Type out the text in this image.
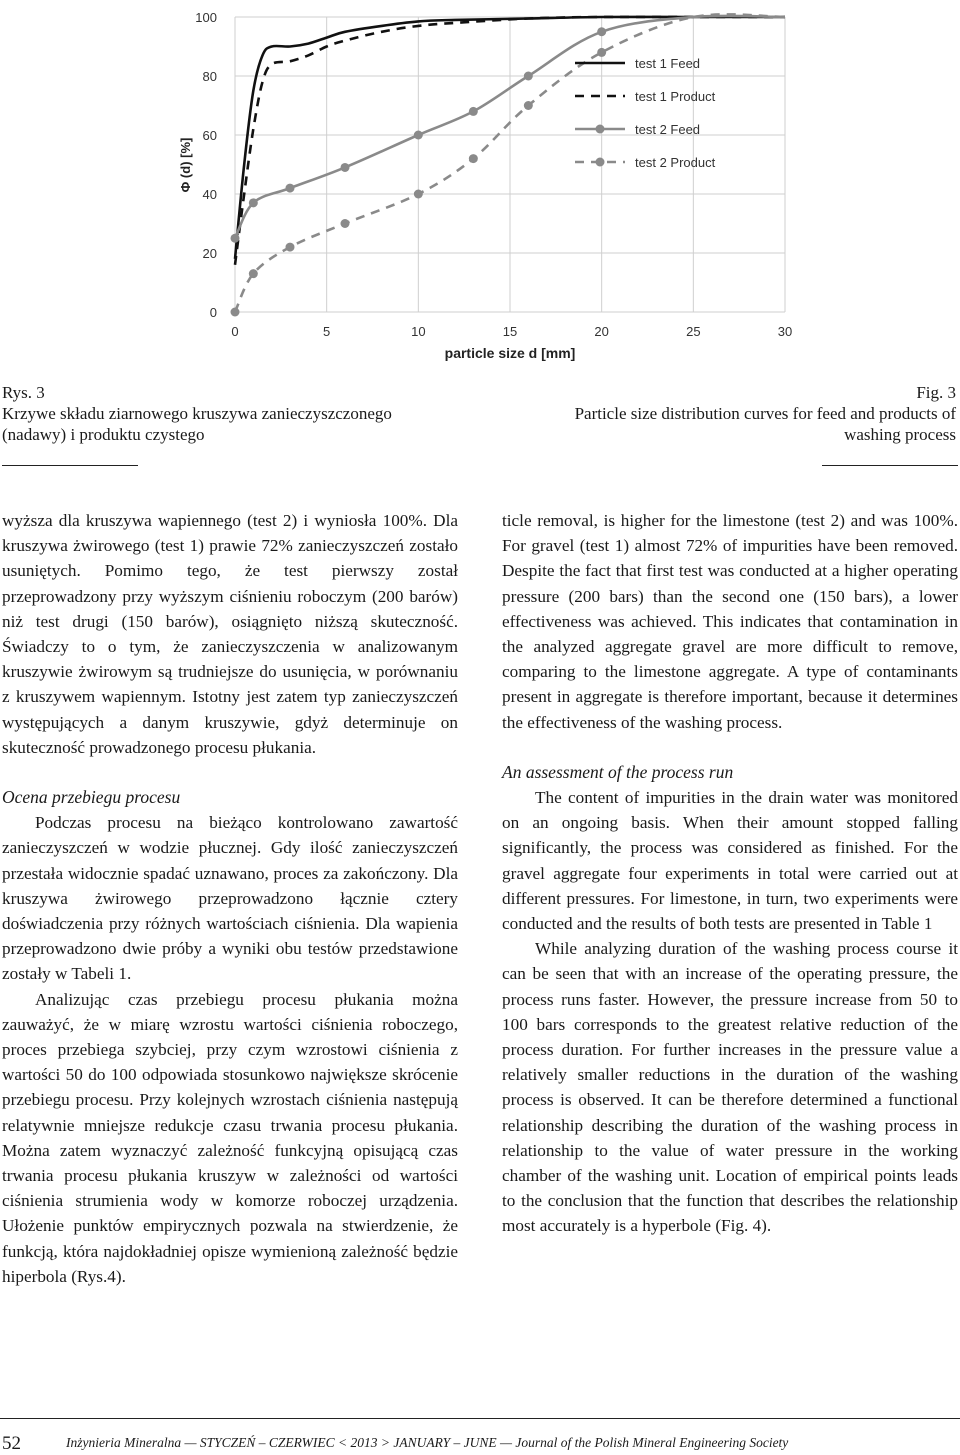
0
20
40
60
80
100
0	5	10	15	20	25	30
test 1 Feed
test 1 Product
test 2 Feed
test 2 Product
Φ (d) [%]
particle size d [mm]
Rys. 3
Krzywe składu ziarnowego kruszywa zanieczyszczonego
(nadawy) i produktu czystego
Fig. 3
Particle size distribution curves for feed and products of
washing process

wyższa dla kruszywa wapiennego (test 2) i wyniosła 100%. Dla kruszywa żwirowego (test 1) prawie 72% zanieczyszczeń zostało usuniętych. Pomimo tego, że test pierwszy został przeprowadzony przy wyższym ciśnieniu roboczym (200 barów) niż test drugi (150 barów), osiągnięto niższą skuteczność. Świadczy to o tym, że zanieczyszczenia w analizowanym kruszywie żwirowym są trudniejsze do usunięcia, w porównaniu z kruszywem wapiennym. Istotny jest zatem typ zanieczyszczeń występujących a danym kruszywie, gdyż determinuje on skuteczność prowadzonego procesu płukania.

Ocena przebiegu procesu

Podczas procesu na bieżąco kontrolowano zawartość zanieczyszczeń w wodzie płucznej. Gdy ilość zanieczyszczeń przestała widocznie spadać uznawano, proces za zakończony. Dla kruszywa żwirowego przeprowadzono łącznie cztery doświadczenia przy różnych wartościach ciśnienia. Dla wapienia przeprowadzono dwie próby a wyniki obu testów przedstawione zostały w Tabeli 1.

Analizując czas przebiegu procesu płukania można zauważyć, że w miarę wzrostu wartości ciśnienia roboczego, proces przebiega szybciej, przy czym wzrostowi ciśnienia z wartości 50 do 100 odpowiada stosunkowo największe skrócenie przebiegu procesu. Przy kolejnych wzrostach ciśnienia następują relatywnie mniejsze redukcje czasu trwania procesu płukania. Można zatem wyznaczyć zależność funkcyjną opisującą czas trwania procesu płukania kruszyw w zależności od wartości ciśnienia strumienia wody w komorze roboczej urządzenia. Ułożenie punktów empirycznych pozwala na stwierdzenie, że funkcją, która najdokładniej opisze wymienioną zależność będzie hiperbola (Rys.4).

ticle removal, is higher for the limestone (test 2) and was 100%. For gravel (test 1) almost 72% of impurities have been removed. Despite the fact that first test was conducted at a higher operating pressure (200 bars) than the second one (150 bars), a lower effectiveness was achieved. This indicates that contamination in the analyzed aggregate gravel are more difficult to remove, comparing to the limestone aggregate. A type of contaminants present in aggregate is therefore important, because it determines the effectiveness of the washing process.

An assessment of the process run

The content of impurities in the drain water was monitored on an ongoing basis. When their amount stopped falling significantly, the process was considered as finished. For the gravel aggregate four experiments in total were carried out at different pressures. For limestone, in turn, two experiments were conducted and the results of both tests are presented in Table 1

While analyzing duration of the washing process course it can be seen that with an increase of the operating pressure, the process runs faster. However, the pressure increase from 50 to 100 bars corresponds to the greatest relative reduction of the process duration. For further increases in the pressure value a relatively smaller reductions in the duration of the washing process is observed. It can be therefore determined a functional relationship describing the duration of the washing process in relationship to the value of water pressure in the working chamber of the washing unit. Location of empirical points leads to the conclusion that the function that describes the relationship most accurately is a hyperbole (Fig. 4).

52	Inżynieria Mineralna — STYCZEŃ – CZERWIEC < 2013 > JANUARY – JUNE — Journal of the Polish Mineral Engineering Society
